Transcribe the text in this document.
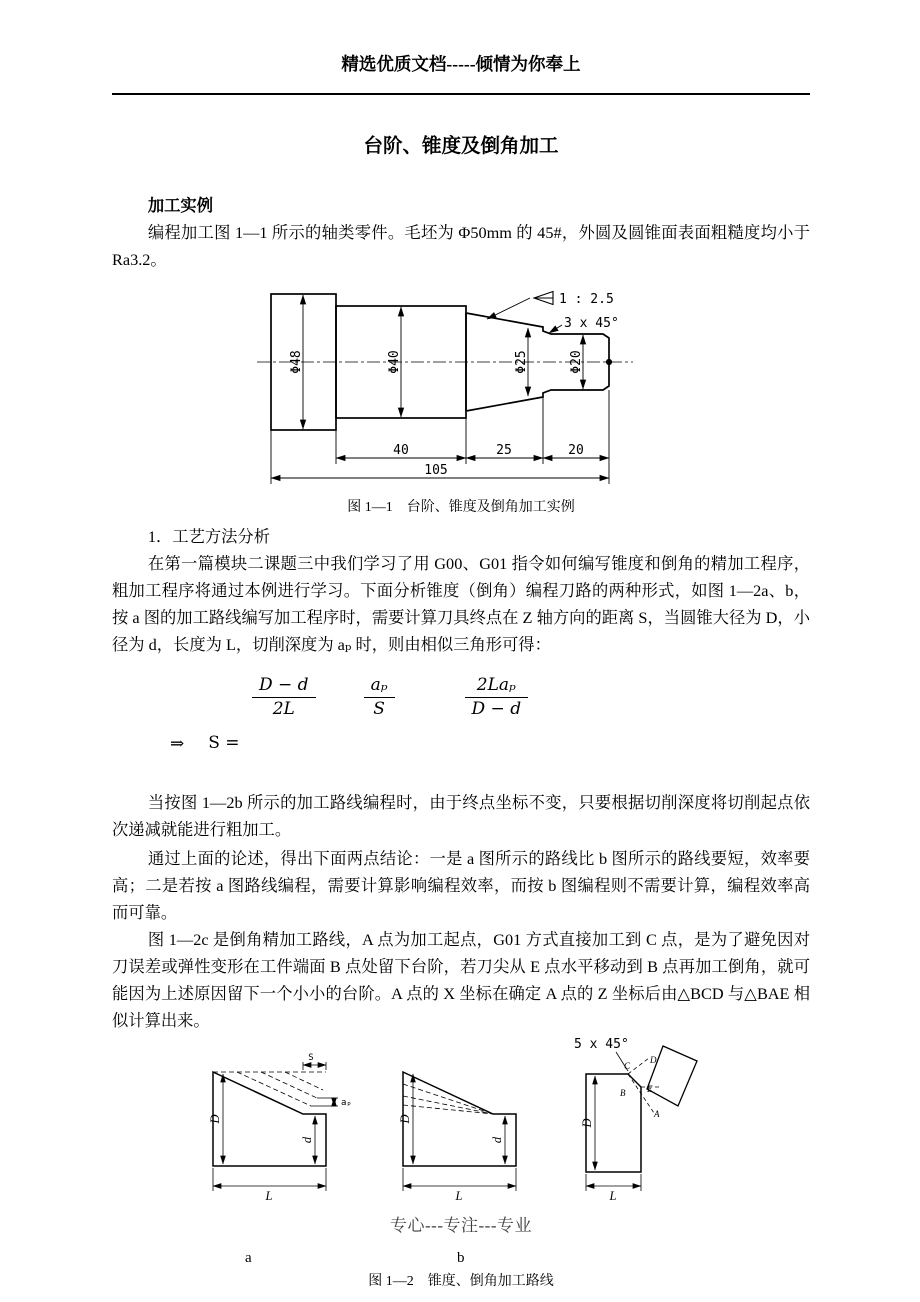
精选优质文档-----倾情为你奉上
台阶、锥度及倒角加工

加工实例

编程加工图 1—1 所示的轴类零件。毛坯为 Φ50mm 的 45#，外圆及圆锥面表面粗糙度均小于 Ra3.2。

1 : 2.5
3 x 45°
Φ48	Φ40	Φ25	Φ20
40	25	20
105
图 1—1　台阶、锥度及倒角加工实例

1．工艺方法分析

在第一篇模块二课题三中我们学习了用 G00、G01 指令如何编写锥度和倒角的精加工程序，粗加工程序将通过本例进行学习。下面分析锥度（倒角）编程刀路的两种形式，如图 1—2a、b，按 a 图的加工路线编写加工程序时，需要计算刀具终点在 Z 轴方向的距离 S，当圆锥大径为 D，小径为 d，长度为 L，切削深度为 aₚ 时，则由相似三角形可得：

$\frac{D - d}{2L}$	$\frac{\text{aₚ}}{S}$	$\frac{\text{2Laₚ}}{D - d}$
⇒ S =

当按图 1—2b 所示的加工路线编程时，由于终点坐标不变，只要根据切削深度将切削起点依次递减就能进行粗加工。

通过上面的论述，得出下面两点结论：一是 a 图所示的路线比 b 图所示的路线要短，效率要高；二是若按 a 图路线编程，需要计算影响编程效率，而按 b 图编程则不需要计算，编程效率高而可靠。

图 1—2c 是倒角精加工路线，A 点为加工起点，G01 方式直接加工到 C 点，是为了避免因对刀误差或弹性变形在工件端面 B 点处留下台阶，若刀尖从 E 点水平移动到 B 点再加工倒角，就可能因为上述原因留下一个小小的台阶。A 点的 X 坐标在确定 A 点的 Z 坐标后由△BCD 与△BAE 相似计算出来。

S
aₚ
D
d
L
D
d
L
5 x 45°
C
D
E
B
A
D
L
专心---专注---专业
a	b
图 1—2　锥度、倒角加工路线
